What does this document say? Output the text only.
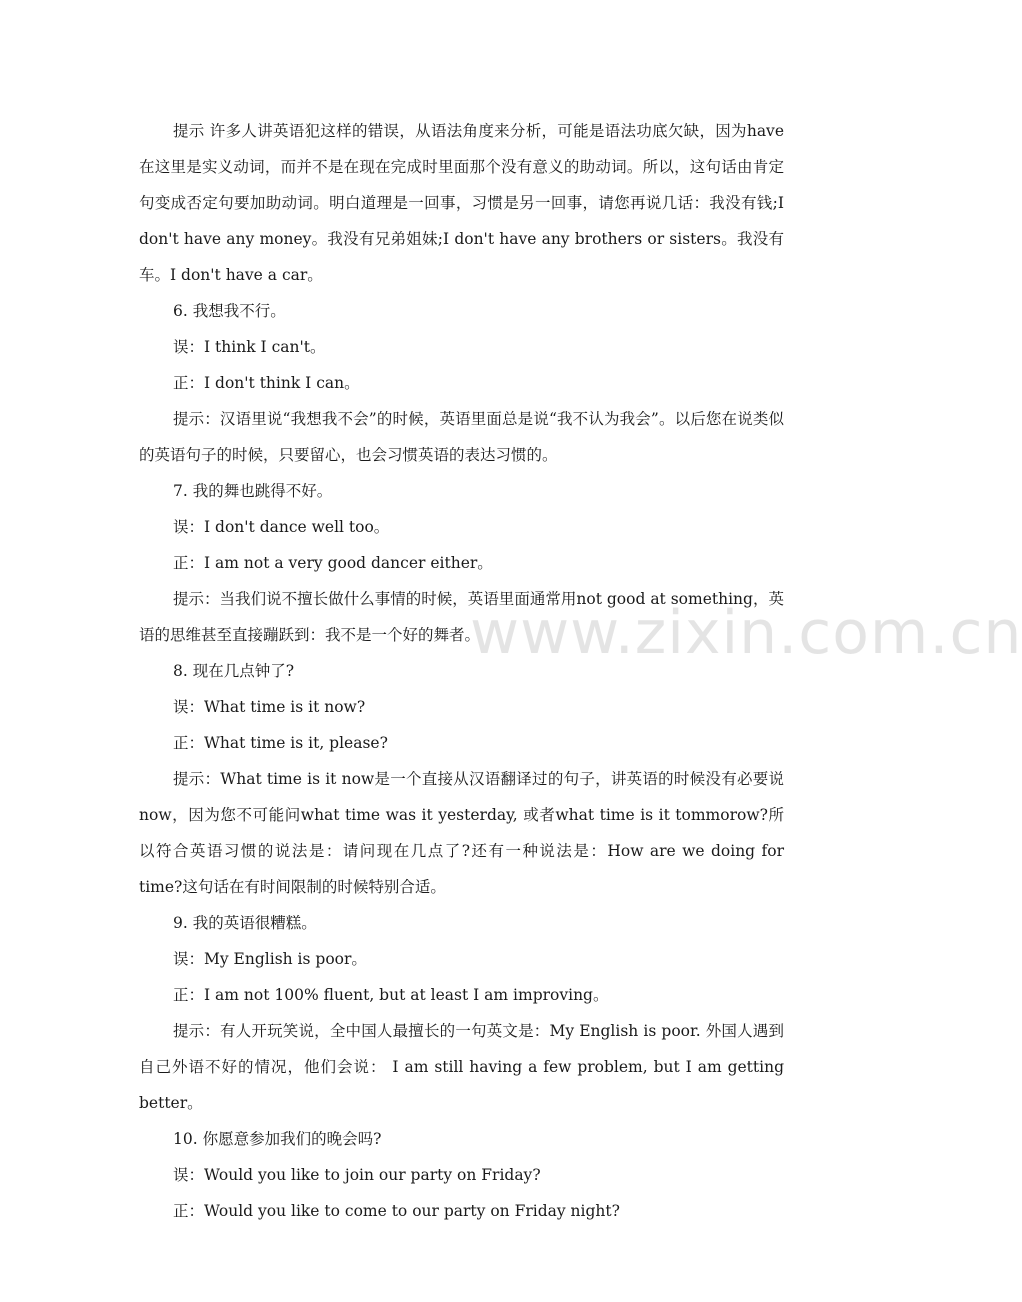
提示 许多人讲英语犯这样的错误，从语法角度来分析，可能是语法功底欠缺，因为have在这里是实义动词，而并不是在现在完成时里面那个没有意义的助动词。所以，这句话由肯定句变成否定句要加助动词。明白道理是一回事，习惯是另一回事，请您再说几话：我没有钱;I don't have any money。我没有兄弟姐妹;I don't have any brothers or sisters。我没有车。I don't have a car。

6. 我想我不行。

误：I think I can't。

正：I don't think I can。

提示：汉语里说“我想我不会”的时候，英语里面总是说“我不认为我会”。以后您在说类似的英语句子的时候，只要留心，也会习惯英语的表达习惯的。

7. 我的舞也跳得不好。

误：I don't dance well too。

正：I am not a very good dancer either。

提示：当我们说不擅长做什么事情的时候，英语里面通常用not good at something，英语的思维甚至直接蹦跃到：我不是一个好的舞者。

8. 现在几点钟了?

误：What time is it now?

正：What time is it, please?

提示：What time is it now是一个直接从汉语翻译过的句子，讲英语的时候没有必要说now，因为您不可能问what time was it yesterday, 或者what time is it tommorow?所以符合英语习惯的说法是：请问现在几点了?还有一种说法是：How are we doing for time?这句话在有时间限制的时候特别合适。

9. 我的英语很糟糕。

误：My English is poor。

正：I am not 100% fluent, but at least I am improving。

提示：有人开玩笑说，全中国人最擅长的一句英文是：My English is poor. 外国人遇到自己外语不好的情况，他们会说： I am still having a few problem, but I am getting better。

10. 你愿意参加我们的晚会吗?

误：Would you like to join our party on Friday?

正：Would you like to come to our party on Friday night?

www.zixin.com.cn
